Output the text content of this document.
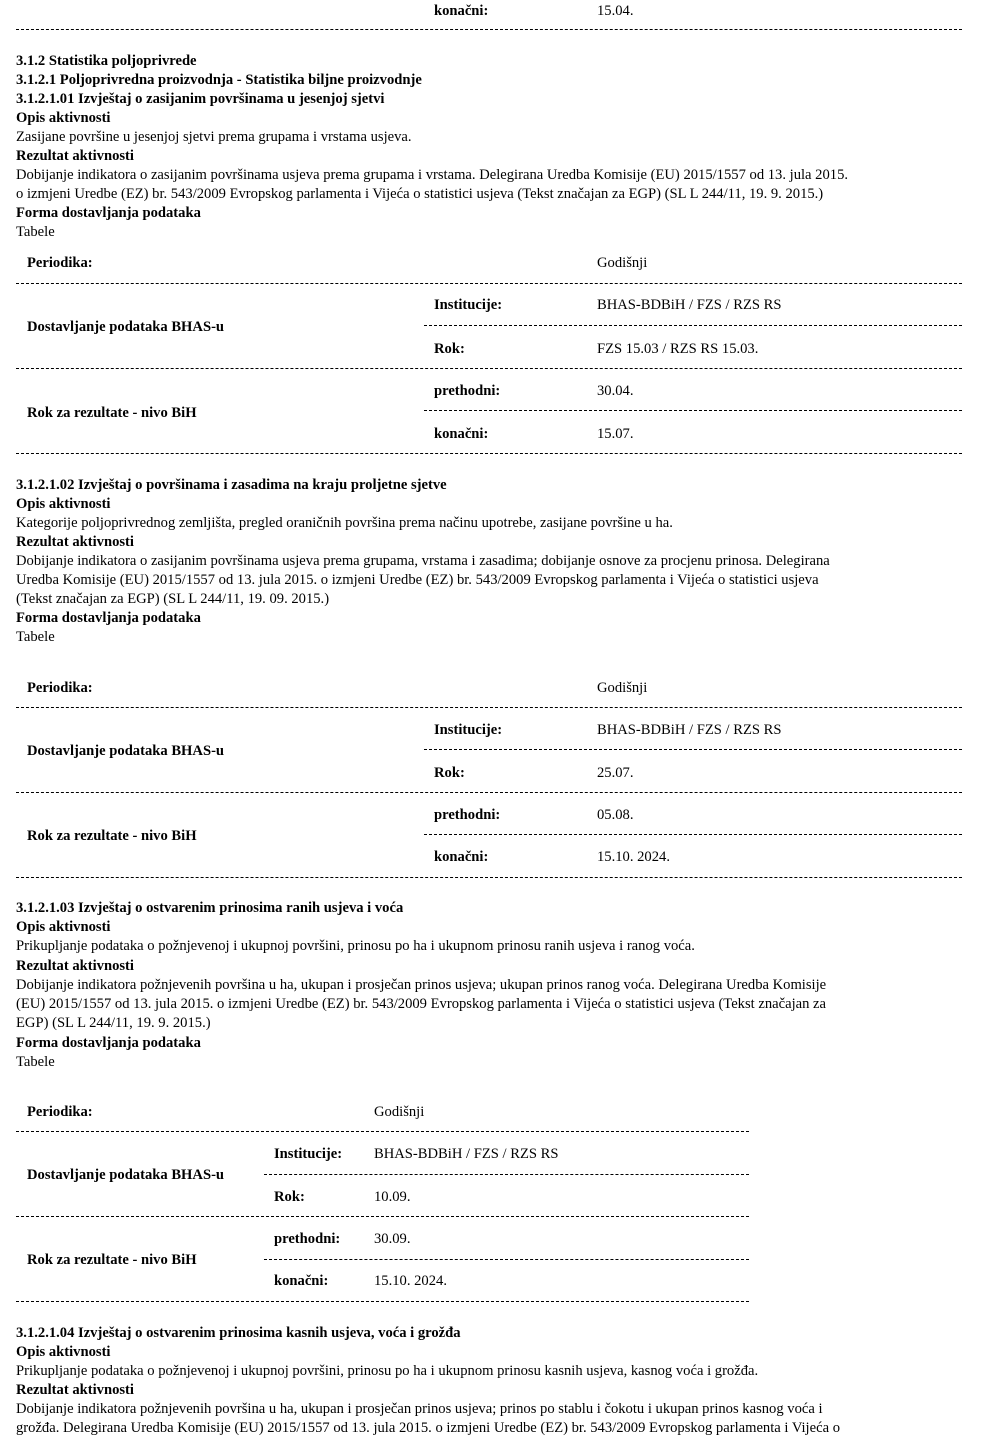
konačni:	15.04.
3.1.2 Statistika poljoprivrede
3.1.2.1 Poljoprivredna proizvodnja - Statistika biljne proizvodnje
3.1.2.1.01 Izvještaj o zasijanim površinama u jesenjoj sjetvi
Opis aktivnosti
Zasijane površine u jesenjoj sjetvi prema grupama i vrstama usjeva.
Rezultat aktivnosti
Dobijanje indikatora o zasijanim površinama usjeva prema grupama i vrstama. Delegirana Uredba Komisije (EU) 2015/1557 od 13. jula 2015.
o izmjeni Uredbe (EZ) br. 543/2009 Evropskog parlamenta i Vijeća o statistici usjeva (Tekst značajan za EGP) (SL L 244/11, 19. 9. 2015.)
Forma dostavljanja podataka
Tabele
Periodika:	Godišnji
Institucije:	BHAS-BDBiH / FZS / RZS RS
Dostavljanje podataka BHAS-u
Rok:	FZS 15.03 / RZS RS 15.03.
prethodni:	30.04.
Rok za rezultate - nivo BiH
konačni:	15.07.
3.1.2.1.02 Izvještaj o površinama i zasadima na kraju proljetne sjetve
Opis aktivnosti
Kategorije poljoprivrednog zemljišta, pregled oraničnih površina prema načinu upotrebe, zasijane površine u ha.
Rezultat aktivnosti
Dobijanje indikatora o zasijanim površinama usjeva prema grupama, vrstama i zasadima; dobijanje osnove za procjenu prinosa. Delegirana
Uredba Komisije (EU) 2015/1557 od 13. jula 2015. o izmjeni Uredbe (EZ) br. 543/2009 Evropskog parlamenta i Vijeća o statistici usjeva
(Tekst značajan za EGP) (SL L 244/11, 19. 09. 2015.)
Forma dostavljanja podataka
Tabele
Periodika:	Godišnji
Institucije:	BHAS-BDBiH / FZS / RZS RS
Dostavljanje podataka BHAS-u
Rok:	25.07.
prethodni:	05.08.
Rok za rezultate - nivo BiH
konačni:	15.10. 2024.
3.1.2.1.03 Izvještaj o ostvarenim prinosima ranih usjeva i voća
Opis aktivnosti
Prikupljanje podataka o požnjevenoj i ukupnoj površini, prinosu po ha i ukupnom prinosu ranih usjeva i ranog voća.
Rezultat aktivnosti
Dobijanje indikatora požnjevenih površina u ha, ukupan i prosječan prinos usjeva; ukupan prinos ranog voća. Delegirana Uredba Komisije
(EU) 2015/1557 od 13. jula 2015. o izmjeni Uredbe (EZ) br. 543/2009 Evropskog parlamenta i Vijeća o statistici usjeva (Tekst značajan za
EGP) (SL L 244/11, 19. 9. 2015.)
Forma dostavljanja podataka
Tabele
Periodika:	Godišnji
Institucije: BHAS-BDBiH / FZS / RZS RS
Dostavljanje podataka BHAS-u
Rok:	10.09.
prethodni: 30.09.
Rok za rezultate - nivo BiH
konačni:	15.10. 2024.
3.1.2.1.04 Izvještaj o ostvarenim prinosima kasnih usjeva, voća i grožđa
Opis aktivnosti
Prikupljanje podataka o požnjevenoj i ukupnoj površini, prinosu po ha i ukupnom prinosu kasnih usjeva, kasnog voća i grožđa.
Rezultat aktivnosti
Dobijanje indikatora požnjevenih površina u ha, ukupan i prosječan prinos usjeva; prinos po stablu i čokotu i ukupan prinos kasnog voća i
grožđa. Delegirana Uredba Komisije (EU) 2015/1557 od 13. jula 2015. o izmjeni Uredbe (EZ) br. 543/2009 Evropskog parlamenta i Vijeća o
